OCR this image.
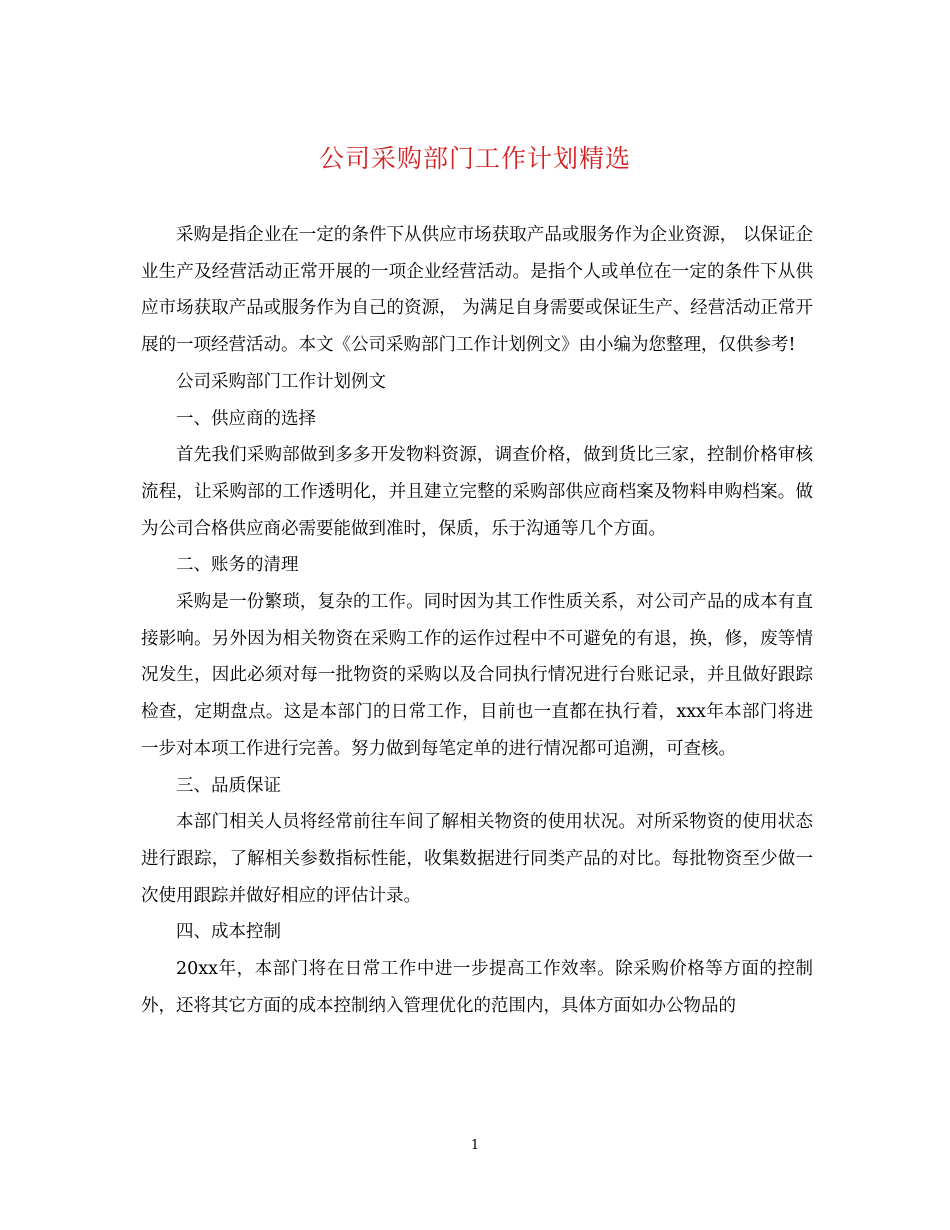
公司采购部门工作计划精选

采购是指企业在一定的条件下从供应市场获取产品或服务作为企业资源， 以保证企业生产及经营活动正常开展的一项企业经营活动。是指个人或单位在一定的条件下从供应市场获取产品或服务作为自己的资源， 为满足自身需要或保证生产、经营活动正常开展的一项经营活动。本文《公司采购部门工作计划例文》由小编为您整理，仅供参考!

公司采购部门工作计划例文

一、供应商的选择

首先我们采购部做到多多开发物料资源，调查价格，做到货比三家，控制价格审核流程，让采购部的工作透明化，并且建立完整的采购部供应商档案及物料申购档案。做为公司合格供应商必需要能做到准时，保质，乐于沟通等几个方面。

二、账务的清理

采购是一份繁琐，复杂的工作。同时因为其工作性质关系，对公司产品的成本有直接影响。另外因为相关物资在采购工作的运作过程中不可避免的有退，换，修，废等情况发生，因此必须对每一批物资的采购以及合同执行情况进行台账记录，并且做好跟踪检查，定期盘点。这是本部门的日常工作，目前也一直都在执行着，xxx年本部门将进一步对本项工作进行完善。努力做到每笔定单的进行情况都可追溯，可查核。

三、品质保证

本部门相关人员将经常前往车间了解相关物资的使用状况。对所采物资的使用状态进行跟踪，了解相关参数指标性能，收集数据进行同类产品的对比。每批物资至少做一次使用跟踪并做好相应的评估计录。

四、成本控制

20xx年，本部门将在日常工作中进一步提高工作效率。除采购价格等方面的控制外，还将其它方面的成本控制纳入管理优化的范围内，具体方面如办公物品的

1
